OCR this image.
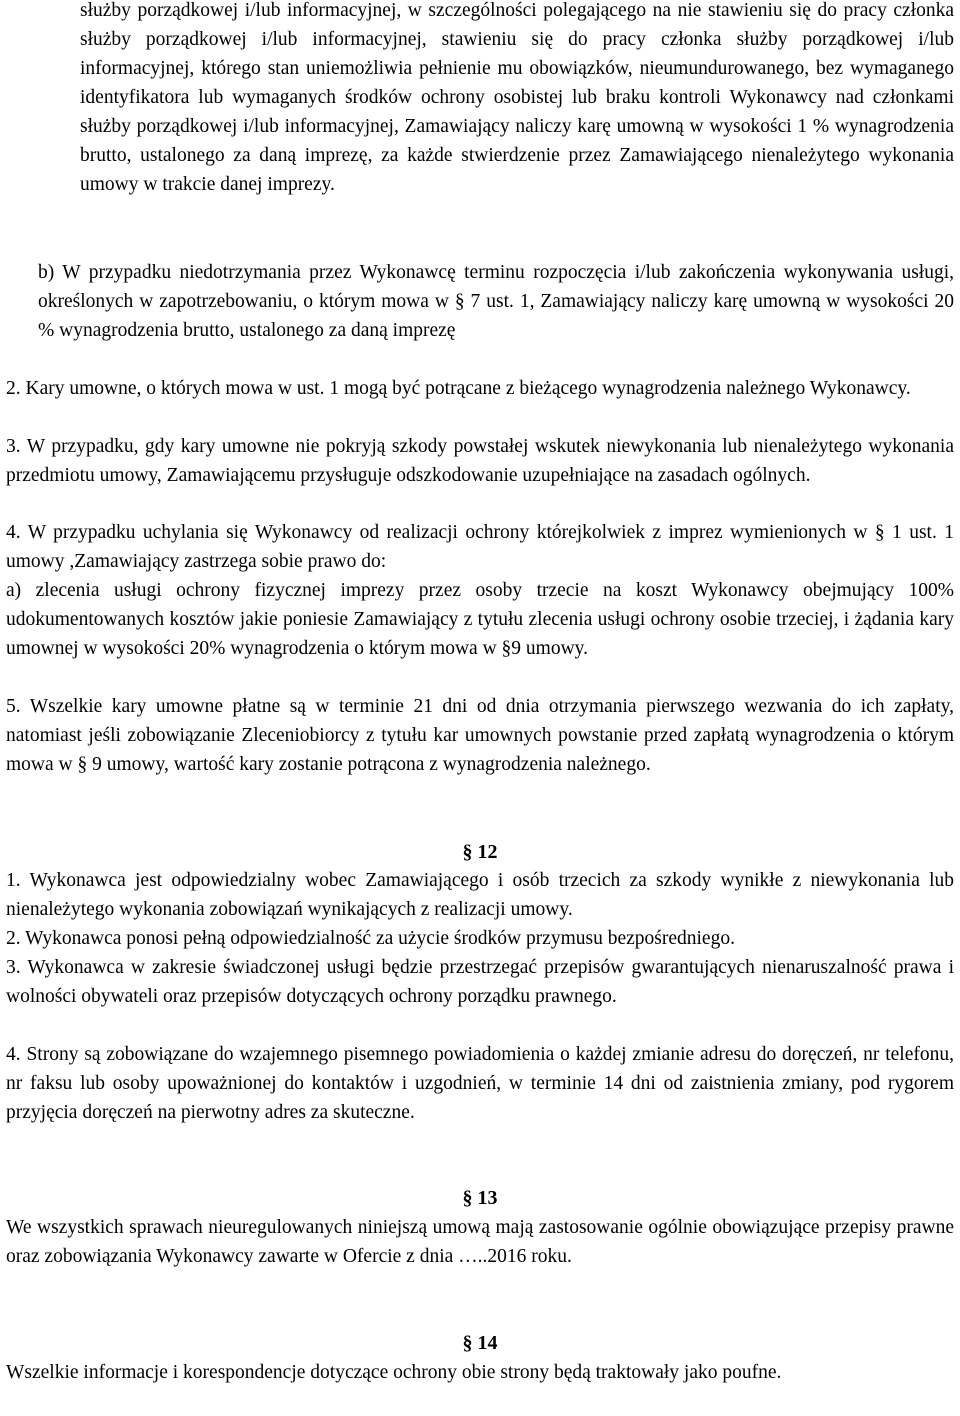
służby porządkowej i/lub informacyjnej, w szczególności polegającego na nie stawieniu się do pracy członka służby porządkowej i/lub informacyjnej, stawieniu się do pracy członka służby porządkowej i/lub informacyjnej, którego stan uniemożliwia pełnienie mu obowiązków, nieumundurowanego, bez wymaganego identyfikatora lub wymaganych środków ochrony osobistej lub braku kontroli Wykonawcy nad członkami służby porządkowej i/lub informacyjnej, Zamawiający naliczy karę umowną w wysokości 1 % wynagrodzenia brutto, ustalonego za daną imprezę, za każde stwierdzenie przez Zamawiającego nienależytego wykonania umowy w trakcie danej imprezy.

b) W przypadku niedotrzymania przez Wykonawcę terminu rozpoczęcia i/lub zakończenia wykonywania usługi, określonych w zapotrzebowaniu, o którym mowa w § 7 ust. 1, Zamawiający naliczy karę umowną w wysokości 20 % wynagrodzenia brutto, ustalonego za daną imprezę

2. Kary umowne, o których mowa w ust. 1 mogą być potrącane z bieżącego wynagrodzenia należnego Wykonawcy.

3. W przypadku, gdy kary umowne nie pokryją szkody powstałej wskutek niewykonania lub nienależytego wykonania przedmiotu umowy, Zamawiającemu przysługuje odszkodowanie uzupełniające na zasadach ogólnych.

4. W przypadku uchylania się Wykonawcy od realizacji ochrony którejkolwiek z imprez wymienionych w § 1 ust. 1 umowy ,Zamawiający zastrzega sobie prawo do:

a) zlecenia usługi ochrony fizycznej imprezy przez osoby trzecie na koszt Wykonawcy obejmujący 100% udokumentowanych kosztów jakie poniesie Zamawiający z tytułu zlecenia usługi ochrony osobie trzeciej, i żądania kary umownej w wysokości 20% wynagrodzenia o którym mowa w §9 umowy.

5. Wszelkie kary umowne płatne są w terminie 21 dni od dnia otrzymania pierwszego wezwania do ich zapłaty, natomiast jeśli zobowiązanie Zleceniobiorcy z tytułu kar umownych powstanie przed zapłatą wynagrodzenia o którym mowa w § 9 umowy, wartość kary zostanie potrącona z wynagrodzenia należnego.

§ 12

1. Wykonawca jest odpowiedzialny wobec Zamawiającego i osób trzecich za szkody wynikłe z niewykonania lub nienależytego wykonania zobowiązań wynikających z realizacji umowy.

2. Wykonawca ponosi pełną odpowiedzialność za użycie środków przymusu bezpośredniego.

3. Wykonawca w zakresie świadczonej usługi będzie przestrzegać przepisów gwarantujących nienaruszalność prawa i wolności obywateli oraz przepisów dotyczących ochrony porządku prawnego.

4. Strony są zobowiązane do wzajemnego pisemnego powiadomienia o każdej zmianie adresu do doręczeń, nr telefonu, nr faksu lub osoby upoważnionej do kontaktów i uzgodnień, w terminie 14 dni od zaistnienia zmiany, pod rygorem przyjęcia doręczeń na pierwotny adres za skuteczne.

§ 13

We wszystkich sprawach nieuregulowanych niniejszą umową mają zastosowanie ogólnie obowiązujące przepisy prawne oraz zobowiązania Wykonawcy zawarte w Ofercie z dnia …..2016 roku.

§ 14

Wszelkie informacje i korespondencje dotyczące ochrony obie strony będą traktowały jako poufne.
